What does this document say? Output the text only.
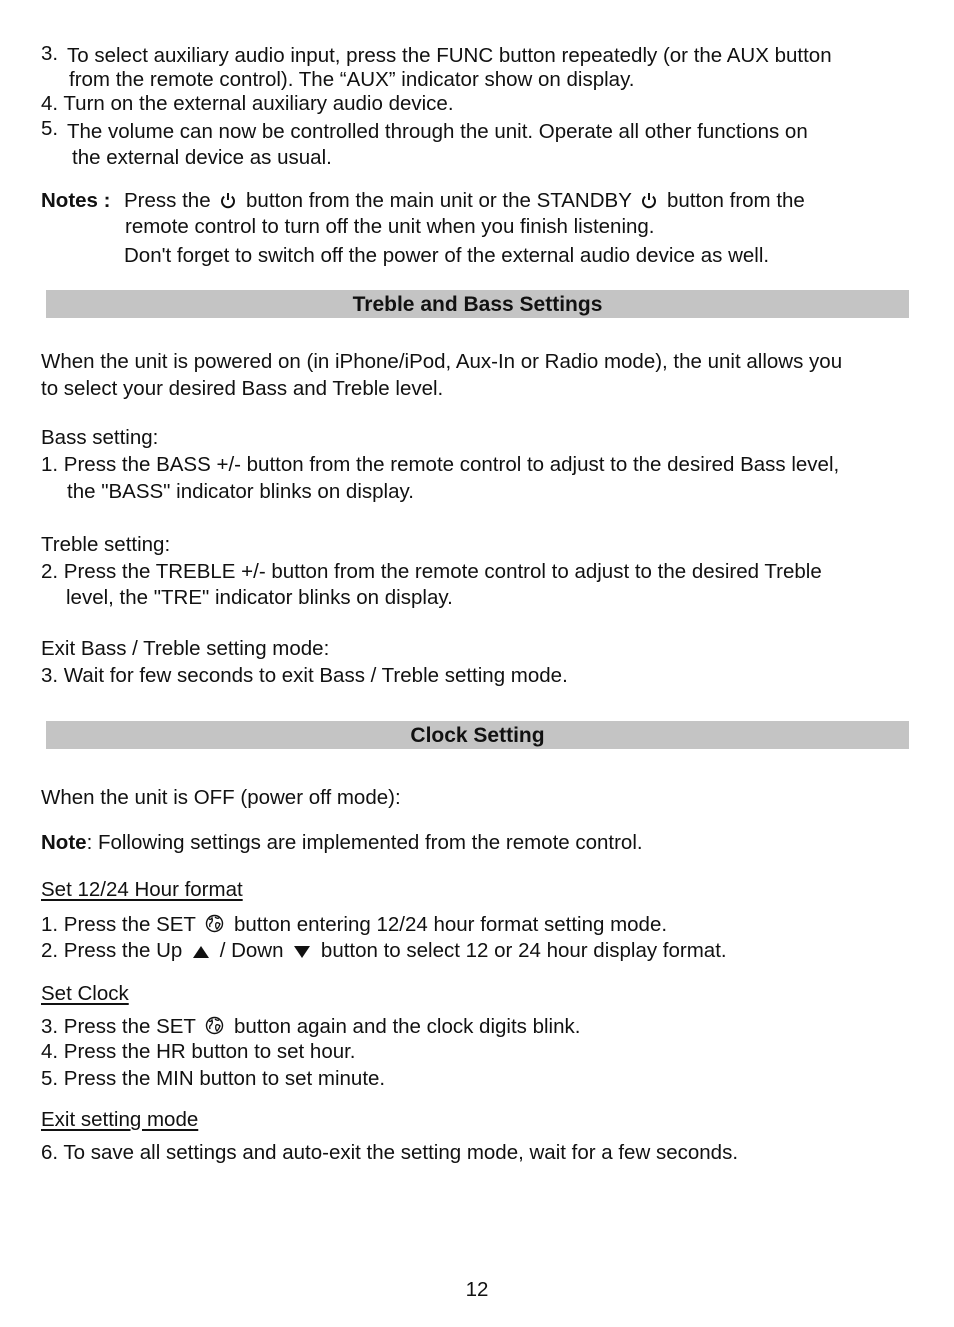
3. To select auxiliary audio input, press the FUNC button repeatedly (or the AUX button
from the remote control). The “AUX” indicator show on display.
4. Turn on the external auxiliary audio device.
5. The volume can now be controlled through the unit. Operate all other functions on
the external device as usual.
Notes : Press the button from the main unit or the STANDBY button from the
remote control to turn off the unit when you finish listening.
Don't forget to switch off the power of the external audio device as well.
Treble and Bass Settings
When the unit is powered on (in iPhone/iPod, Aux-In or Radio mode), the unit allows you
to select your desired Bass and Treble level.
Bass setting:
1. Press the BASS +/- button from the remote control to adjust to the desired Bass level,
the "BASS" indicator blinks on display.
Treble setting:
2. Press the TREBLE +/- button from the remote control to adjust to the desired Treble
level, the "TRE" indicator blinks on display.
Exit Bass / Treble setting mode:
3. Wait for few seconds to exit Bass / Treble setting mode.
Clock Setting
When the unit is OFF (power off mode):
Note: Following settings are implemented from the remote control.
Set 12/24 Hour format
1. Press the SET button entering 12/24 hour format setting mode.
2. Press the Up / Down button to select 12 or 24 hour display format.
Set Clock
3. Press the SET button again and the clock digits blink.
4. Press the HR button to set hour.
5. Press the MIN button to set minute.
Exit setting mode
6. To save all settings and auto-exit the setting mode, wait for a few seconds.
12
